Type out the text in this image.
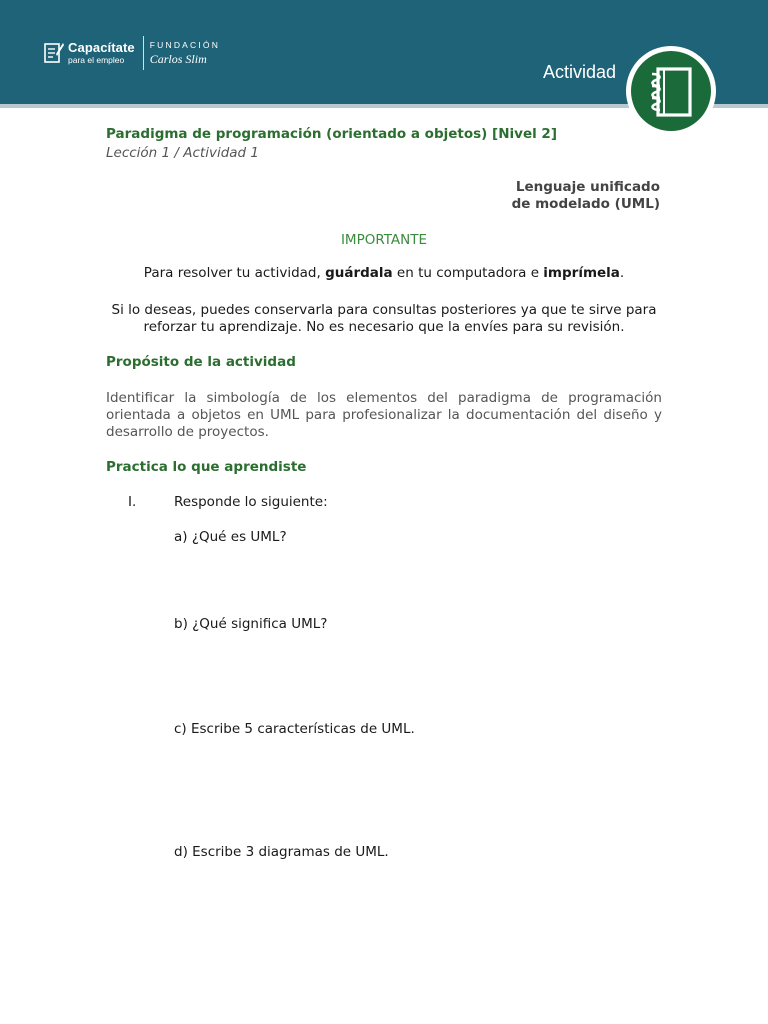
Capacítate
para el empleo
FUNDACIÓN
Carlos Slim
Actividad

Paradigma de programación (orientado a objetos) [Nivel 2]

Lección 1 / Actividad 1

Lenguaje unificado
de modelado (UML)

IMPORTANTE

Para resolver tu actividad, guárdala en tu computadora e imprímela.

Si lo deseas, puedes conservarla para consultas posteriores ya que te sirve para reforzar tu aprendizaje. No es necesario que la envíes para su revisión.

Propósito de la actividad

Identificar la simbología de los elementos del paradigma de programación orientada a objetos en UML para profesionalizar la documentación del diseño y desarrollo de proyectos.

Practica lo que aprendiste

I.	Responde lo siguiente:

a) ¿Qué es UML?

b) ¿Qué significa UML?

c) Escribe 5 características de UML.

d) Escribe 3 diagramas de UML.
